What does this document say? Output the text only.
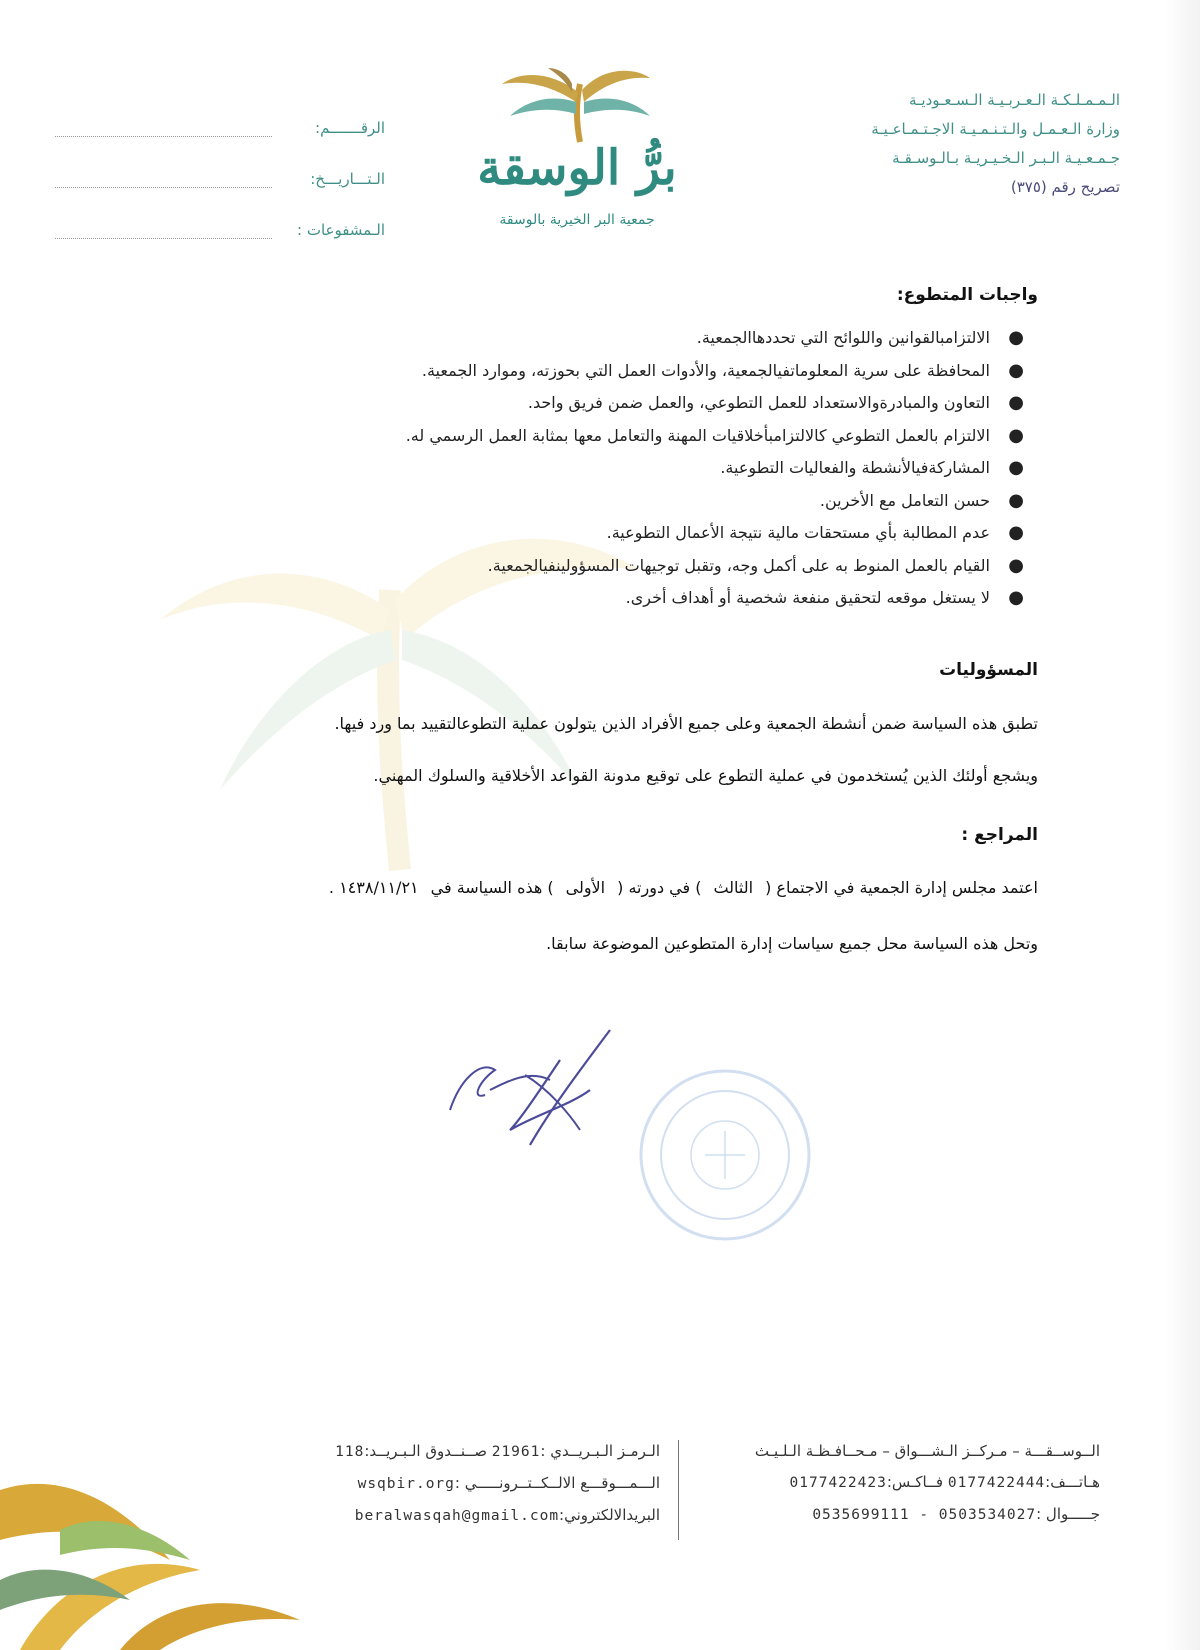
الـمـمـلـكـة الـعـربـيـة الـسـعـوديـة
وزارة الـعـمـل والـتـنـمـيـة الاجـتـمـاعـيـة
جـمـعـيـة الـبـر الـخـيـريـة بـالـوسـقـة
تصريح رقم (٣٧٥)
برُّ الوسقة
جمعية البر الخيرية بالوسقة
الرقـــــــم:
الـتـــاريـــخ:
الـمشفوعات :
واجبات المتطوع:
●
الالتزامبالقوانين واللوائح التي تحددهاالجمعية.
●
المحافظة على سرية المعلوماتفيالجمعية، والأدوات العمل التي بحوزته، وموارد الجمعية.
●
التعاون والمبادرةوالاستعداد للعمل التطوعي، والعمل ضمن فريق واحد.
●
الالتزام بالعمل التطوعي كالالتزامبأخلاقيات المهنة والتعامل معها بمثابة العمل الرسمي له.
●
المشاركةفيالأنشطة والفعاليات التطوعية.
●
حسن التعامل مع الأخرين.
●
عدم المطالبة بأي مستحقات مالية نتيجة الأعمال التطوعية.
●
القيام بالعمل المنوط به على أكمل وجه، وتقبل توجيهات المسؤولينفيالجمعية.
●
لا يستغل موقعه لتحقيق منفعة شخصية أو أهداف أخرى.
المسؤوليات
تطبق هذه السياسة ضمن أنشطة الجمعية وعلى جميع الأفراد الذين يتولون عملية التطوعالتقييد بما ورد فيها.
ويشجع أولئك الذين يُستخدمون في عملية التطوع على توقيع مدونة القواعد الأخلاقية والسلوك المهني.
المراجع :
اعتمد مجلس إدارة الجمعية في الاجتماع (
الثالث
) في دورته (
الأولى
) هذه السياسة في
١٤٣٨/١١/٢١ .
وتحل هذه السياسة محل جميع سياسات إدارة المتطوعين الموضوعة سابقا.
الــوســقـــة – مـركــز الـشـــواق – مـحــافـظـة الـلـيـث
هـاتـــف:0177422444 فــاكـس:0177422423
جـــــوال :0535699111 - 0503534027
الـرمـز الـبـريــدي :21961 صــنــدوق الـبـريــد:118
الـــمـــوقـــع الالــكــتــرونـــــي :wsqbir.org
البريدالالكتروني:beralwasqah@gmail.com
